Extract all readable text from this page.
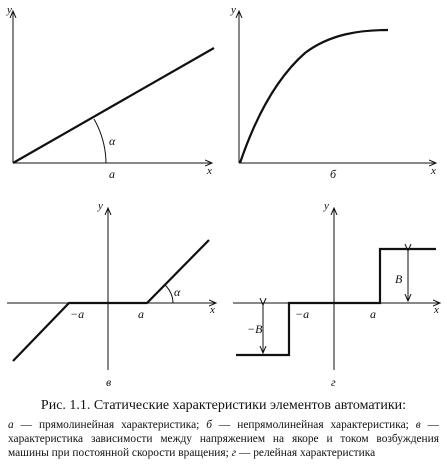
y
x
α
а
y
x
б
y
x
α
−a	a
в
y
x
B
−B
−a	a
г
Рис. 1.1. Статические характеристики элементов автоматики:

а — прямолинейная характеристика; б — непрямолинейная характеристика; в — характеристика зависимости между напряжением на якоре и током возбуждения машины при постоянной скорости вращения; г — релейная характеристика
